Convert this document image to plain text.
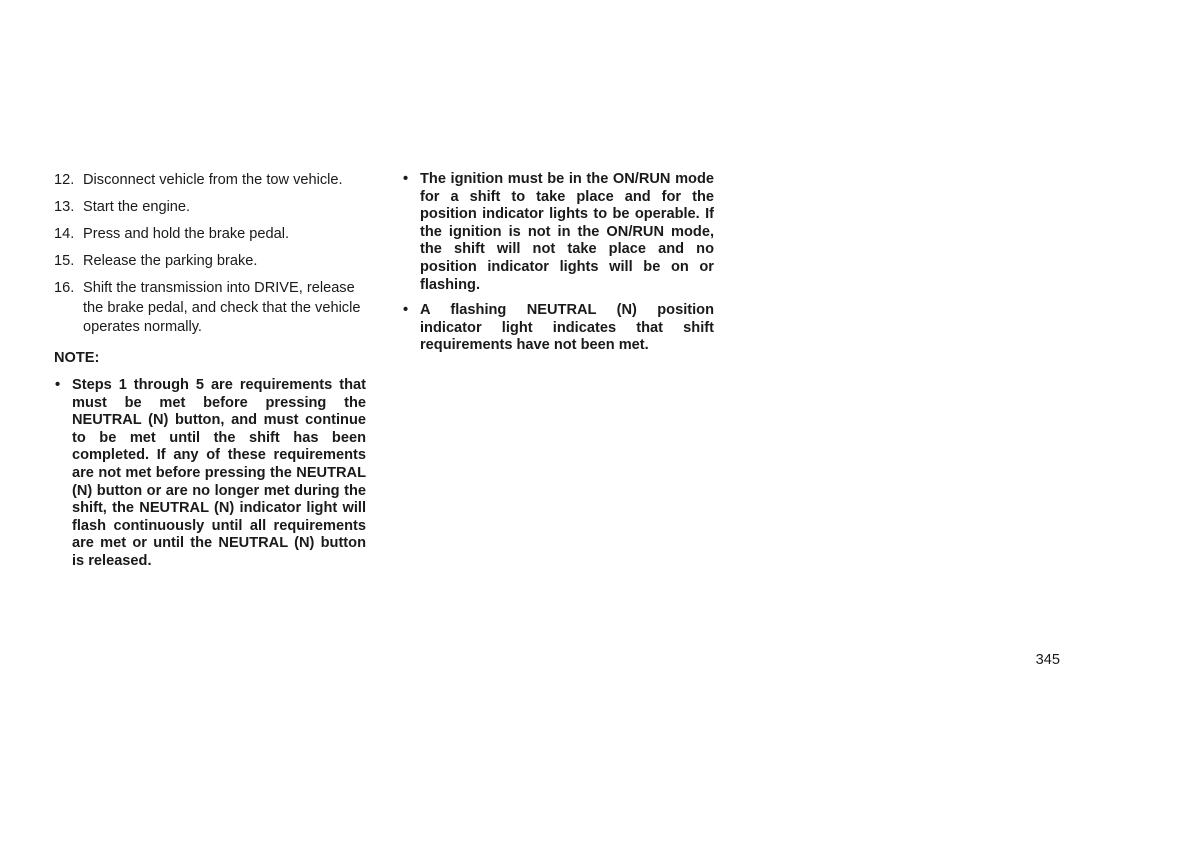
12. Disconnect vehicle from the tow vehicle.
13. Start the engine.
14. Press and hold the brake pedal.
15. Release the parking brake.
16. Shift the transmission into DRIVE, release the brake pedal, and check that the vehicle operates normally.
NOTE:
• Steps 1 through 5 are requirements that must be met before pressing the NEUTRAL (N) button, and must continue to be met until the shift has been completed. If any of these requirements are not met before pressing the NEUTRAL (N) button or are no longer met during the shift, the NEUTRAL (N) indicator light will flash continuously until all requirements are met or until the NEUTRAL (N) button is released.
• The ignition must be in the ON/RUN mode for a shift to take place and for the position indicator lights to be operable. If the ignition is not in the ON/RUN mode, the shift will not take place and no position indicator lights will be on or flashing.
• A flashing NEUTRAL (N) position indicator light indicates that shift requirements have not been met.
345
